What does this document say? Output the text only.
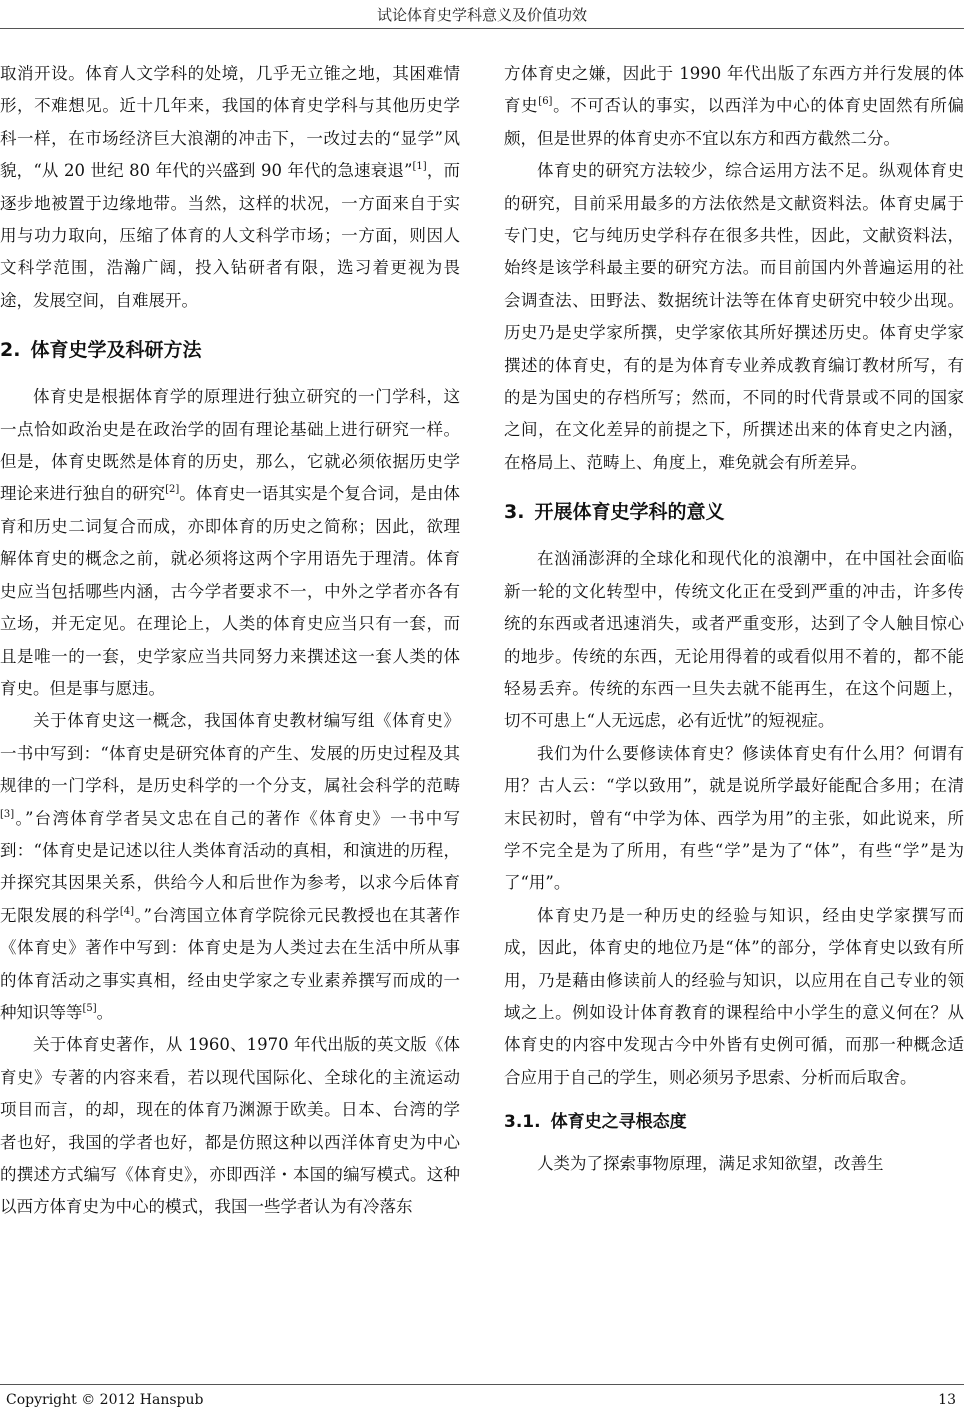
试论体育史学科意义及价值功效

取消开设。体育人文学科的处境，几乎无立锥之地，其困难情形，不难想见。近十几年来，我国的体育史学科与其他历史学科一样，在市场经济巨大浪潮的冲击下，一改过去的“显学”风貌，“从 20 世纪 80 年代的兴盛到 90 年代的急速衰退”[1]，而逐步地被置于边缘地带。当然，这样的状况，一方面来自于实用与功力取向，压缩了体育的人文科学市场；一方面，则因人文科学范围，浩瀚广阔，投入钻研者有限，选习着更视为畏途，发展空间，自难展开。

2. 体育史学及科研方法

体育史是根据体育学的原理进行独立研究的一门学科，这一点恰如政治史是在政治学的固有理论基础上进行研究一样。但是，体育史既然是体育的历史，那么，它就必须依据历史学理论来进行独自的研究[2]。体育史一语其实是个复合词，是由体育和历史二词复合而成，亦即体育的历史之简称；因此，欲理解体育史的概念之前，就必须将这两个字用语先于理清。体育史应当包括哪些内涵，古今学者要求不一，中外之学者亦各有立场，并无定见。在理论上，人类的体育史应当只有一套，而且是唯一的一套，史学家应当共同努力来撰述这一套人类的体育史。但是事与愿违。

关于体育史这一概念，我国体育史教材编写组《体育史》一书中写到：“体育史是研究体育的产生、发展的历史过程及其规律的一门学科，是历史科学的一个分支，属社会科学的范畴[3]。”台湾体育学者吴文忠在自己的著作《体育史》一书中写到：“体育史是记述以往人类体育活动的真相，和演进的历程，并探究其因果关系，供给今人和后世作为参考，以求今后体育无限发展的科学[4]。”台湾国立体育学院徐元民教授也在其著作《体育史》著作中写到：体育史是为人类过去在生活中所从事的体育活动之事实真相，经由史学家之专业素养撰写而成的一种知识等等[5]。

关于体育史著作，从 1960、1970 年代出版的英文版《体育史》专著的内容来看，若以现代国际化、全球化的主流运动项目而言，的却，现在的体育乃渊源于欧美。日本、台湾的学者也好，我国的学者也好，都是仿照这种以西洋体育史为中心的撰述方式编写《体育史》，亦即西洋・本国的编写模式。这种以西方体育史为中心的模式，我国一些学者认为有冷落东

方体育史之嫌，因此于 1990 年代出版了东西方并行发展的体育史[6]。不可否认的事实，以西洋为中心的体育史固然有所偏颇，但是世界的体育史亦不宜以东方和西方截然二分。

体育史的研究方法较少，综合运用方法不足。纵观体育史的研究，目前采用最多的方法依然是文献资料法。体育史属于专门史，它与纯历史学科存在很多共性，因此，文献资料法，始终是该学科最主要的研究方法。而目前国内外普遍运用的社会调查法、田野法、数据统计法等在体育史研究中较少出现。历史乃是史学家所撰，史学家依其所好撰述历史。体育史学家撰述的体育史，有的是为体育专业养成教育编订教材所写，有的是为国史的存档所写；然而，不同的时代背景或不同的国家之间，在文化差异的前提之下，所撰述出来的体育史之内涵，在格局上、范畴上、角度上，难免就会有所差异。

3. 开展体育史学科的意义

在汹涌澎湃的全球化和现代化的浪潮中，在中国社会面临新一轮的文化转型中，传统文化正在受到严重的冲击，许多传统的东西或者迅速消失，或者严重变形，达到了令人触目惊心的地步。传统的东西，无论用得着的或看似用不着的，都不能轻易丢弃。传统的东西一旦失去就不能再生，在这个问题上，切不可患上“人无远虑，必有近忧”的短视症。

我们为什么要修读体育史？修读体育史有什么用？何谓有用？古人云：“学以致用”，就是说所学最好能配合多用；在清末民初时，曾有“中学为体、西学为用”的主张，如此说来，所学不完全是为了所用，有些“学”是为了“体”，有些“学”是为了“用”。

体育史乃是一种历史的经验与知识，经由史学家撰写而成，因此，体育史的地位乃是“体”的部分，学体育史以致有所用，乃是藉由修读前人的经验与知识，以应用在自己专业的领域之上。例如设计体育教育的课程给中小学生的意义何在？从体育史的内容中发现古今中外皆有史例可循，而那一种概念适合应用于自己的学生，则必须另予思索、分析而后取舍。

3.1. 体育史之寻根态度

人类为了探索事物原理，满足求知欲望，改善生

Copyright © 2012 Hanspub	13
